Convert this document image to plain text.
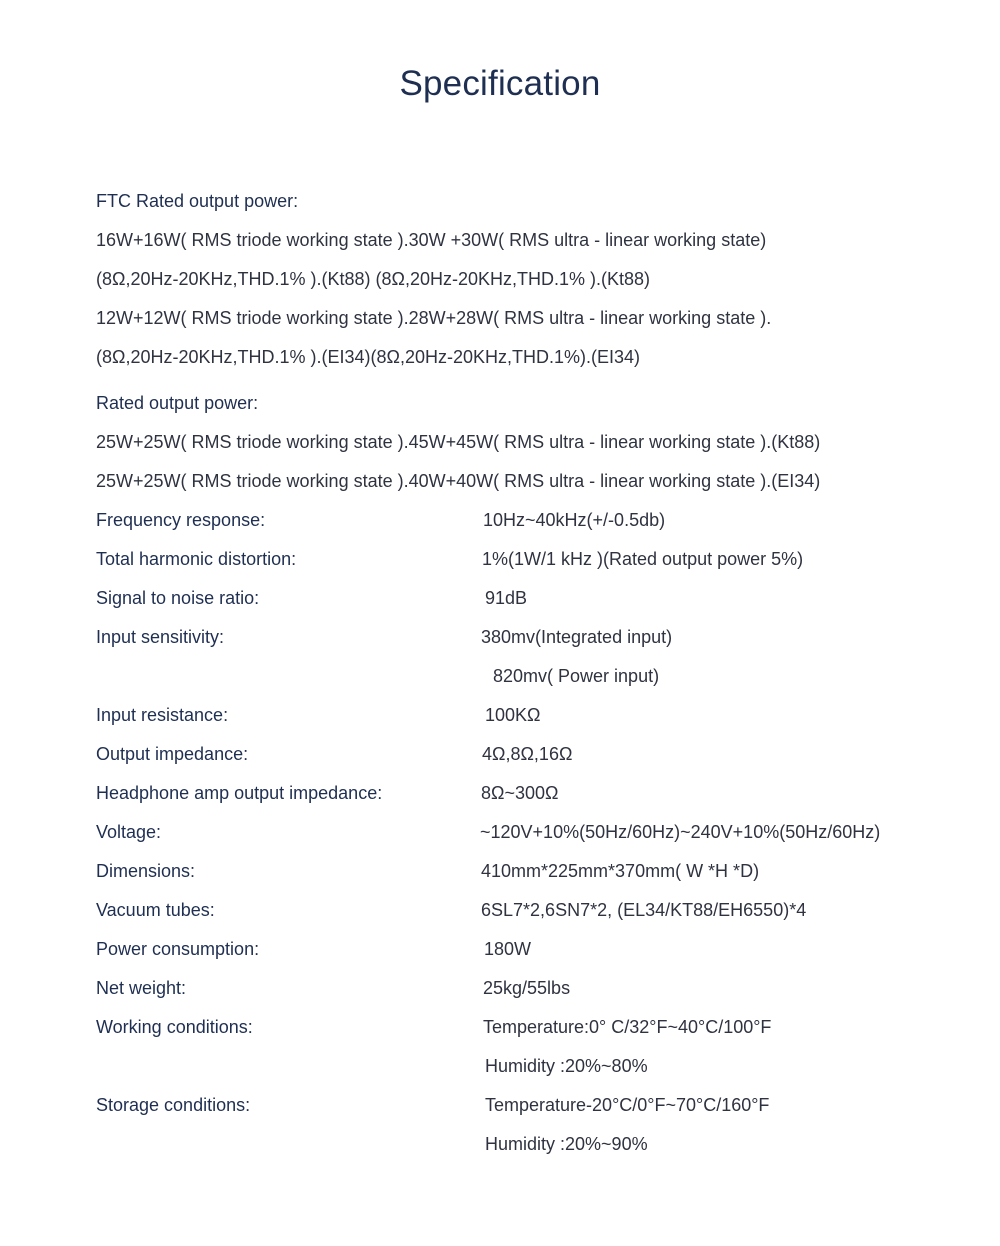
Specification
FTC Rated output power:
16W+16W( RMS triode working state ).30W +30W( RMS ultra - linear working state)
(8Ω,20Hz-20KHz,THD.1% ).(Kt88) (8Ω,20Hz-20KHz,THD.1% ).(Kt88)
12W+12W( RMS triode working state ).28W+28W( RMS ultra - linear working state ).
(8Ω,20Hz-20KHz,THD.1% ).(EI34)(8Ω,20Hz-20KHz,THD.1%).(EI34)
Rated output power:
25W+25W( RMS triode working state ).45W+45W( RMS ultra - linear working state ).(Kt88)
25W+25W( RMS triode working state ).40W+40W( RMS ultra - linear working state ).(EI34)
Frequency response:	10Hz~40kHz(+/-0.5db)
Total harmonic distortion:	1%(1W/1 kHz )(Rated output power 5%)
Signal to noise ratio:	91dB
Input sensitivity:	380mv(Integrated input)
820mv( Power input)
Input resistance:	100KΩ
Output impedance:	4Ω,8Ω,16Ω
Headphone amp output impedance:	8Ω~300Ω
Voltage:	~120V+10%(50Hz/60Hz)~240V+10%(50Hz/60Hz)
Dimensions:	410mm*225mm*370mm( W *H *D)
Vacuum tubes:	6SL7*2,6SN7*2, (EL34/KT88/EH6550)*4
Power consumption:	180W
Net weight:	25kg/55lbs
Working conditions:	Temperature:0° C/32°F~40°C/100°F
Humidity :20%~80%
Storage conditions:	Temperature-20°C/0°F~70°C/160°F
Humidity :20%~90%
